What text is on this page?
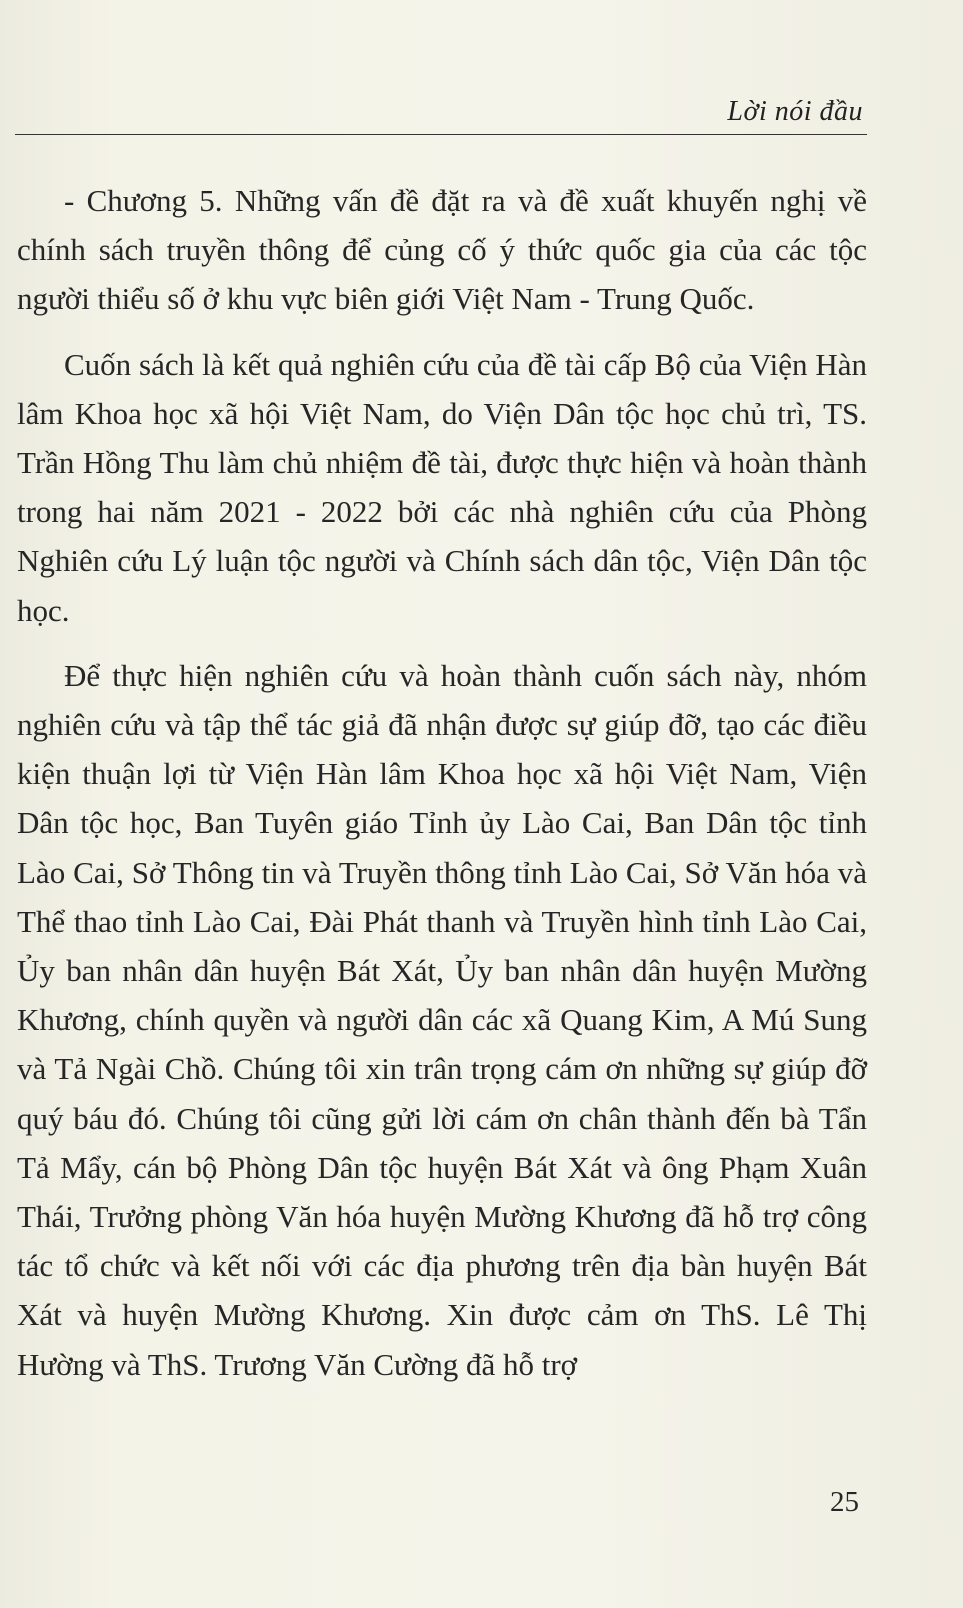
Lời nói đầu

- Chương 5. Những vấn đề đặt ra và đề xuất khuyến nghị về chính sách truyền thông để củng cố ý thức quốc gia của các tộc người thiểu số ở khu vực biên giới Việt Nam - Trung Quốc.

Cuốn sách là kết quả nghiên cứu của đề tài cấp Bộ của Viện Hàn lâm Khoa học xã hội Việt Nam, do Viện Dân tộc học chủ trì, TS. Trần Hồng Thu làm chủ nhiệm đề tài, được thực hiện và hoàn thành trong hai năm 2021 - 2022 bởi các nhà nghiên cứu của Phòng Nghiên cứu Lý luận tộc người và Chính sách dân tộc, Viện Dân tộc học.

Để thực hiện nghiên cứu và hoàn thành cuốn sách này, nhóm nghiên cứu và tập thể tác giả đã nhận được sự giúp đỡ, tạo các điều kiện thuận lợi từ Viện Hàn lâm Khoa học xã hội Việt Nam, Viện Dân tộc học, Ban Tuyên giáo Tỉnh ủy Lào Cai, Ban Dân tộc tỉnh Lào Cai, Sở Thông tin và Truyền thông tỉnh Lào Cai, Sở Văn hóa và Thể thao tỉnh Lào Cai, Đài Phát thanh và Truyền hình tỉnh Lào Cai, Ủy ban nhân dân huyện Bát Xát, Ủy ban nhân dân huyện Mường Khương, chính quyền và người dân các xã Quang Kim, A Mú Sung và Tả Ngài Chồ. Chúng tôi xin trân trọng cám ơn những sự giúp đỡ quý báu đó. Chúng tôi cũng gửi lời cám ơn chân thành đến bà Tẩn Tả Mẩy, cán bộ Phòng Dân tộc huyện Bát Xát và ông Phạm Xuân Thái, Trưởng phòng Văn hóa huyện Mường Khương đã hỗ trợ công tác tổ chức và kết nối với các địa phương trên địa bàn huyện Bát Xát và huyện Mường Khương. Xin được cảm ơn ThS. Lê Thị Hường và ThS. Trương Văn Cường đã hỗ trợ

25
